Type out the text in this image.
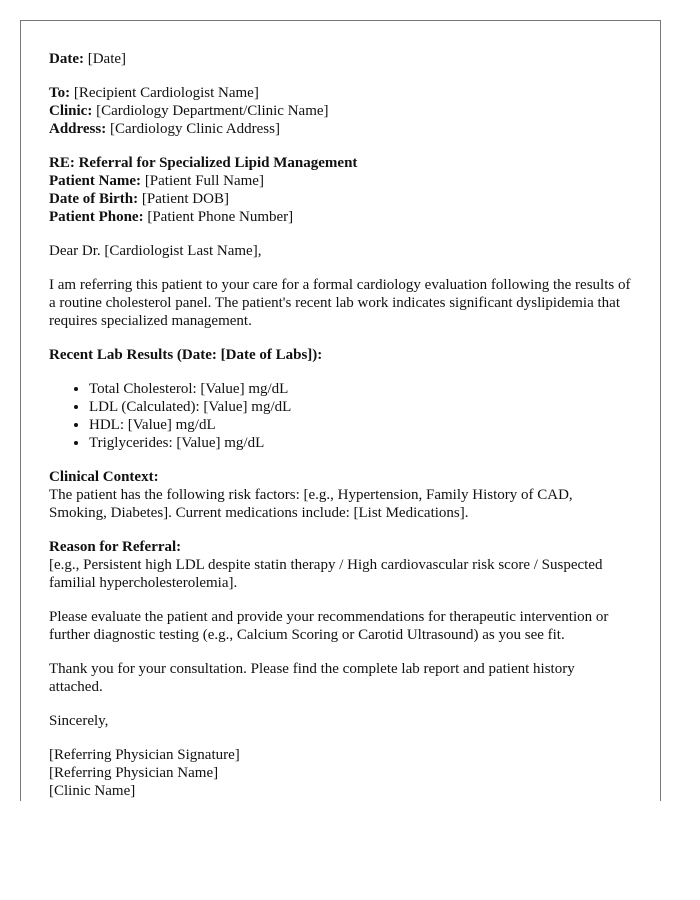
Date: [Date]
To: [Recipient Cardiologist Name]
Clinic: [Cardiology Department/Clinic Name]
Address: [Cardiology Clinic Address]
RE: Referral for Specialized Lipid Management
Patient Name: [Patient Full Name]
Date of Birth: [Patient DOB]
Patient Phone: [Patient Phone Number]

Dear Dr. [Cardiologist Last Name],

I am referring this patient to your care for a formal cardiology evaluation following the results of a routine cholesterol panel. The patient's recent lab work indicates significant dyslipidemia that requires specialized management.

Recent Lab Results (Date: [Date of Labs]):
• Total Cholesterol: [Value] mg/dL
• LDL (Calculated): [Value] mg/dL
• HDL: [Value] mg/dL
• Triglycerides: [Value] mg/dL
Clinical Context:
The patient has the following risk factors: [e.g., Hypertension, Family History of CAD, Smoking, Diabetes]. Current medications include: [List Medications].
Reason for Referral:
[e.g., Persistent high LDL despite statin therapy / High cardiovascular risk score / Suspected familial hypercholesterolemia].

Please evaluate the patient and provide your recommendations for therapeutic intervention or further diagnostic testing (e.g., Calcium Scoring or Carotid Ultrasound) as you see fit.

Thank you for your consultation. Please find the complete lab report and patient history attached.

Sincerely,

[Referring Physician Signature]
[Referring Physician Name]
[Clinic Name]
